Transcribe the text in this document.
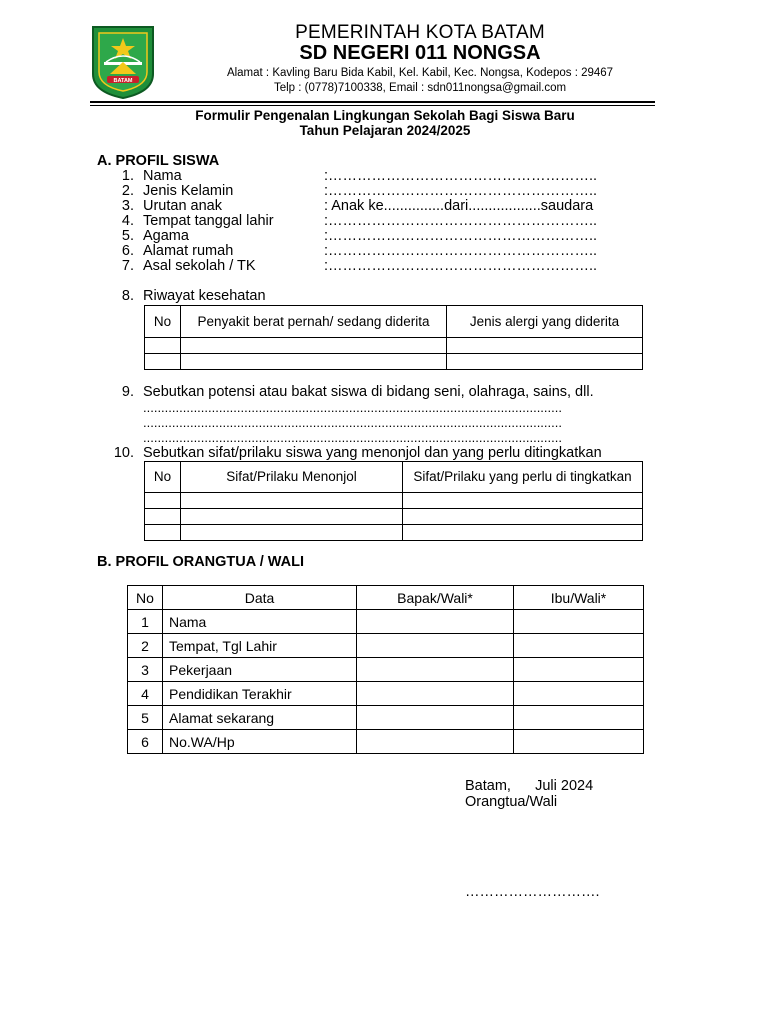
BATAM
PEMERINTAH KOTA BATAM
SD NEGERI 011 NONGSA
Alamat : Kavling Baru Bida Kabil, Kel. Kabil, Kec. Nongsa, Kodepos : 29467
Telp : (0778)7100338, Email : sdn011nongsa@gmail.com
Formulir Pengenalan Lingkungan Sekolah Bagi Siswa Baru
Tahun Pelajaran 2024/2025
A. PROFIL SISWA
1. Nama	:………………………………………………..
2. Jenis Kelamin	:………………………………………………..
3. Urutan anak	: Anak ke...............dari..................saudara
4. Tempat tanggal lahir	:………………………………………………..
5. Agama	:………………………………………………..
6. Alamat rumah	:………………………………………………..
7. Asal sekolah / TK	:………………………………………………..
8. Riwayat kesehatan
No	Penyakit berat pernah/ sedang diderita	Jenis alergi yang diderita

9. Sebutkan potensi atau bakat siswa di bidang seni, olahraga, sains, dll.
....................................................................................................................
....................................................................................................................
....................................................................................................................
10. Sebutkan sifat/prilaku siswa yang menonjol dan yang perlu ditingkatkan
No	Sifat/Prilaku Menonjol	Sifat/Prilaku yang perlu di tingkatkan

B. PROFIL ORANGTUA / WALI
No	Data	Bapak/Wali*	Ibu/Wali*
1	Nama		
2	Tempat, Tgl Lahir		
3	Pekerjaan		
4	Pendidikan Terakhir		
5	Alamat sekarang		
6	No.WA/Hp		
Batam,      Juli 2024
Orangtua/Wali
……………………….
